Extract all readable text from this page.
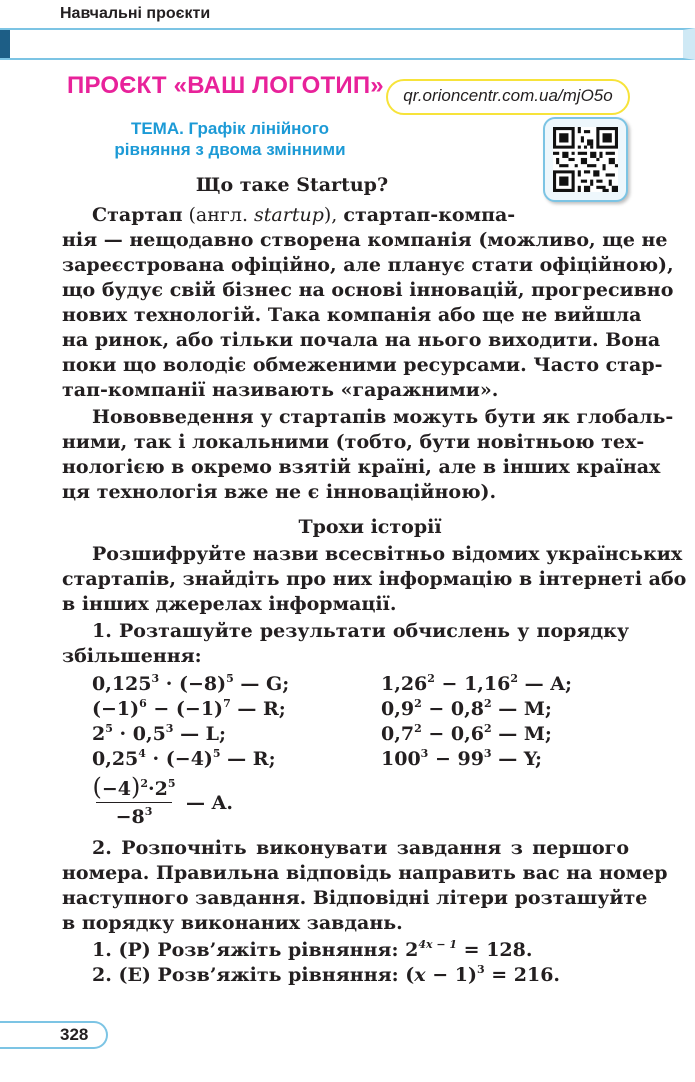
Навчальні проєкти
ПРОЄКТ «ВАШ ЛОГОТИП»
ТЕМА. Графік лінійного
рівняння з двома змінними
qr.orioncentr.com.ua/mjO5o
Що таке Startup?
Стартап (англ. startup), стартап-компа-
нія — нещодавно створена компанія (можливо, ще не
зареєстрована офіційно, але планує стати офіційною),
що будує свій бізнес на основі інновацій, прогресивно
нових технологій. Така компанія або ще не вийшла
на ринок, або тільки почала на нього виходити. Вона
поки що володіє обмеженими ресурсами. Часто стар-
тап-компанії називають «гаражними».
Нововведення у стартапів можуть бути як глобаль-
ними, так і локальними (тобто, бути новітньою тех-
нологією в окремо взятій країні, але в інших країнах
ця технологія вже не є інноваційною).
Трохи історії
Розшифруйте назви всесвітньо відомих українських
стартапів, знайдіть про них інформацію в інтернеті або
в інших джерелах інформації.
1. Розташуйте результати обчислень у порядку
збільшення:
$0,125^3 \cdot (-8)^5$ — G;
$(-1)^6 - (-1)^7$ — R;
$2^5 \cdot 0,5^3$ — L;
$0,25^4 \cdot (-4)^5$ — R;
$1,26^2 - 1,16^2$ — A;
$0,9^2 - 0,8^2$ — M;
$0,7^2 - 0,6^2$ — M;
$100^3 - 99^3$ — Y;
$(-4)^2\cdot 2^5$
$-8^3$	— A.
2. Розпочніть виконувати завдання з першого
номера. Правильна відповідь направить вас на номер
наступного завдання. Відповідні літери розташуйте
в порядку виконаних завдань.
1. (P) Розв’яжіть рівняння: $2^{4x - 1} = 128$.
2. (E) Розв’яжіть рівняння: $(x - 1)^3 = 216$.
328
